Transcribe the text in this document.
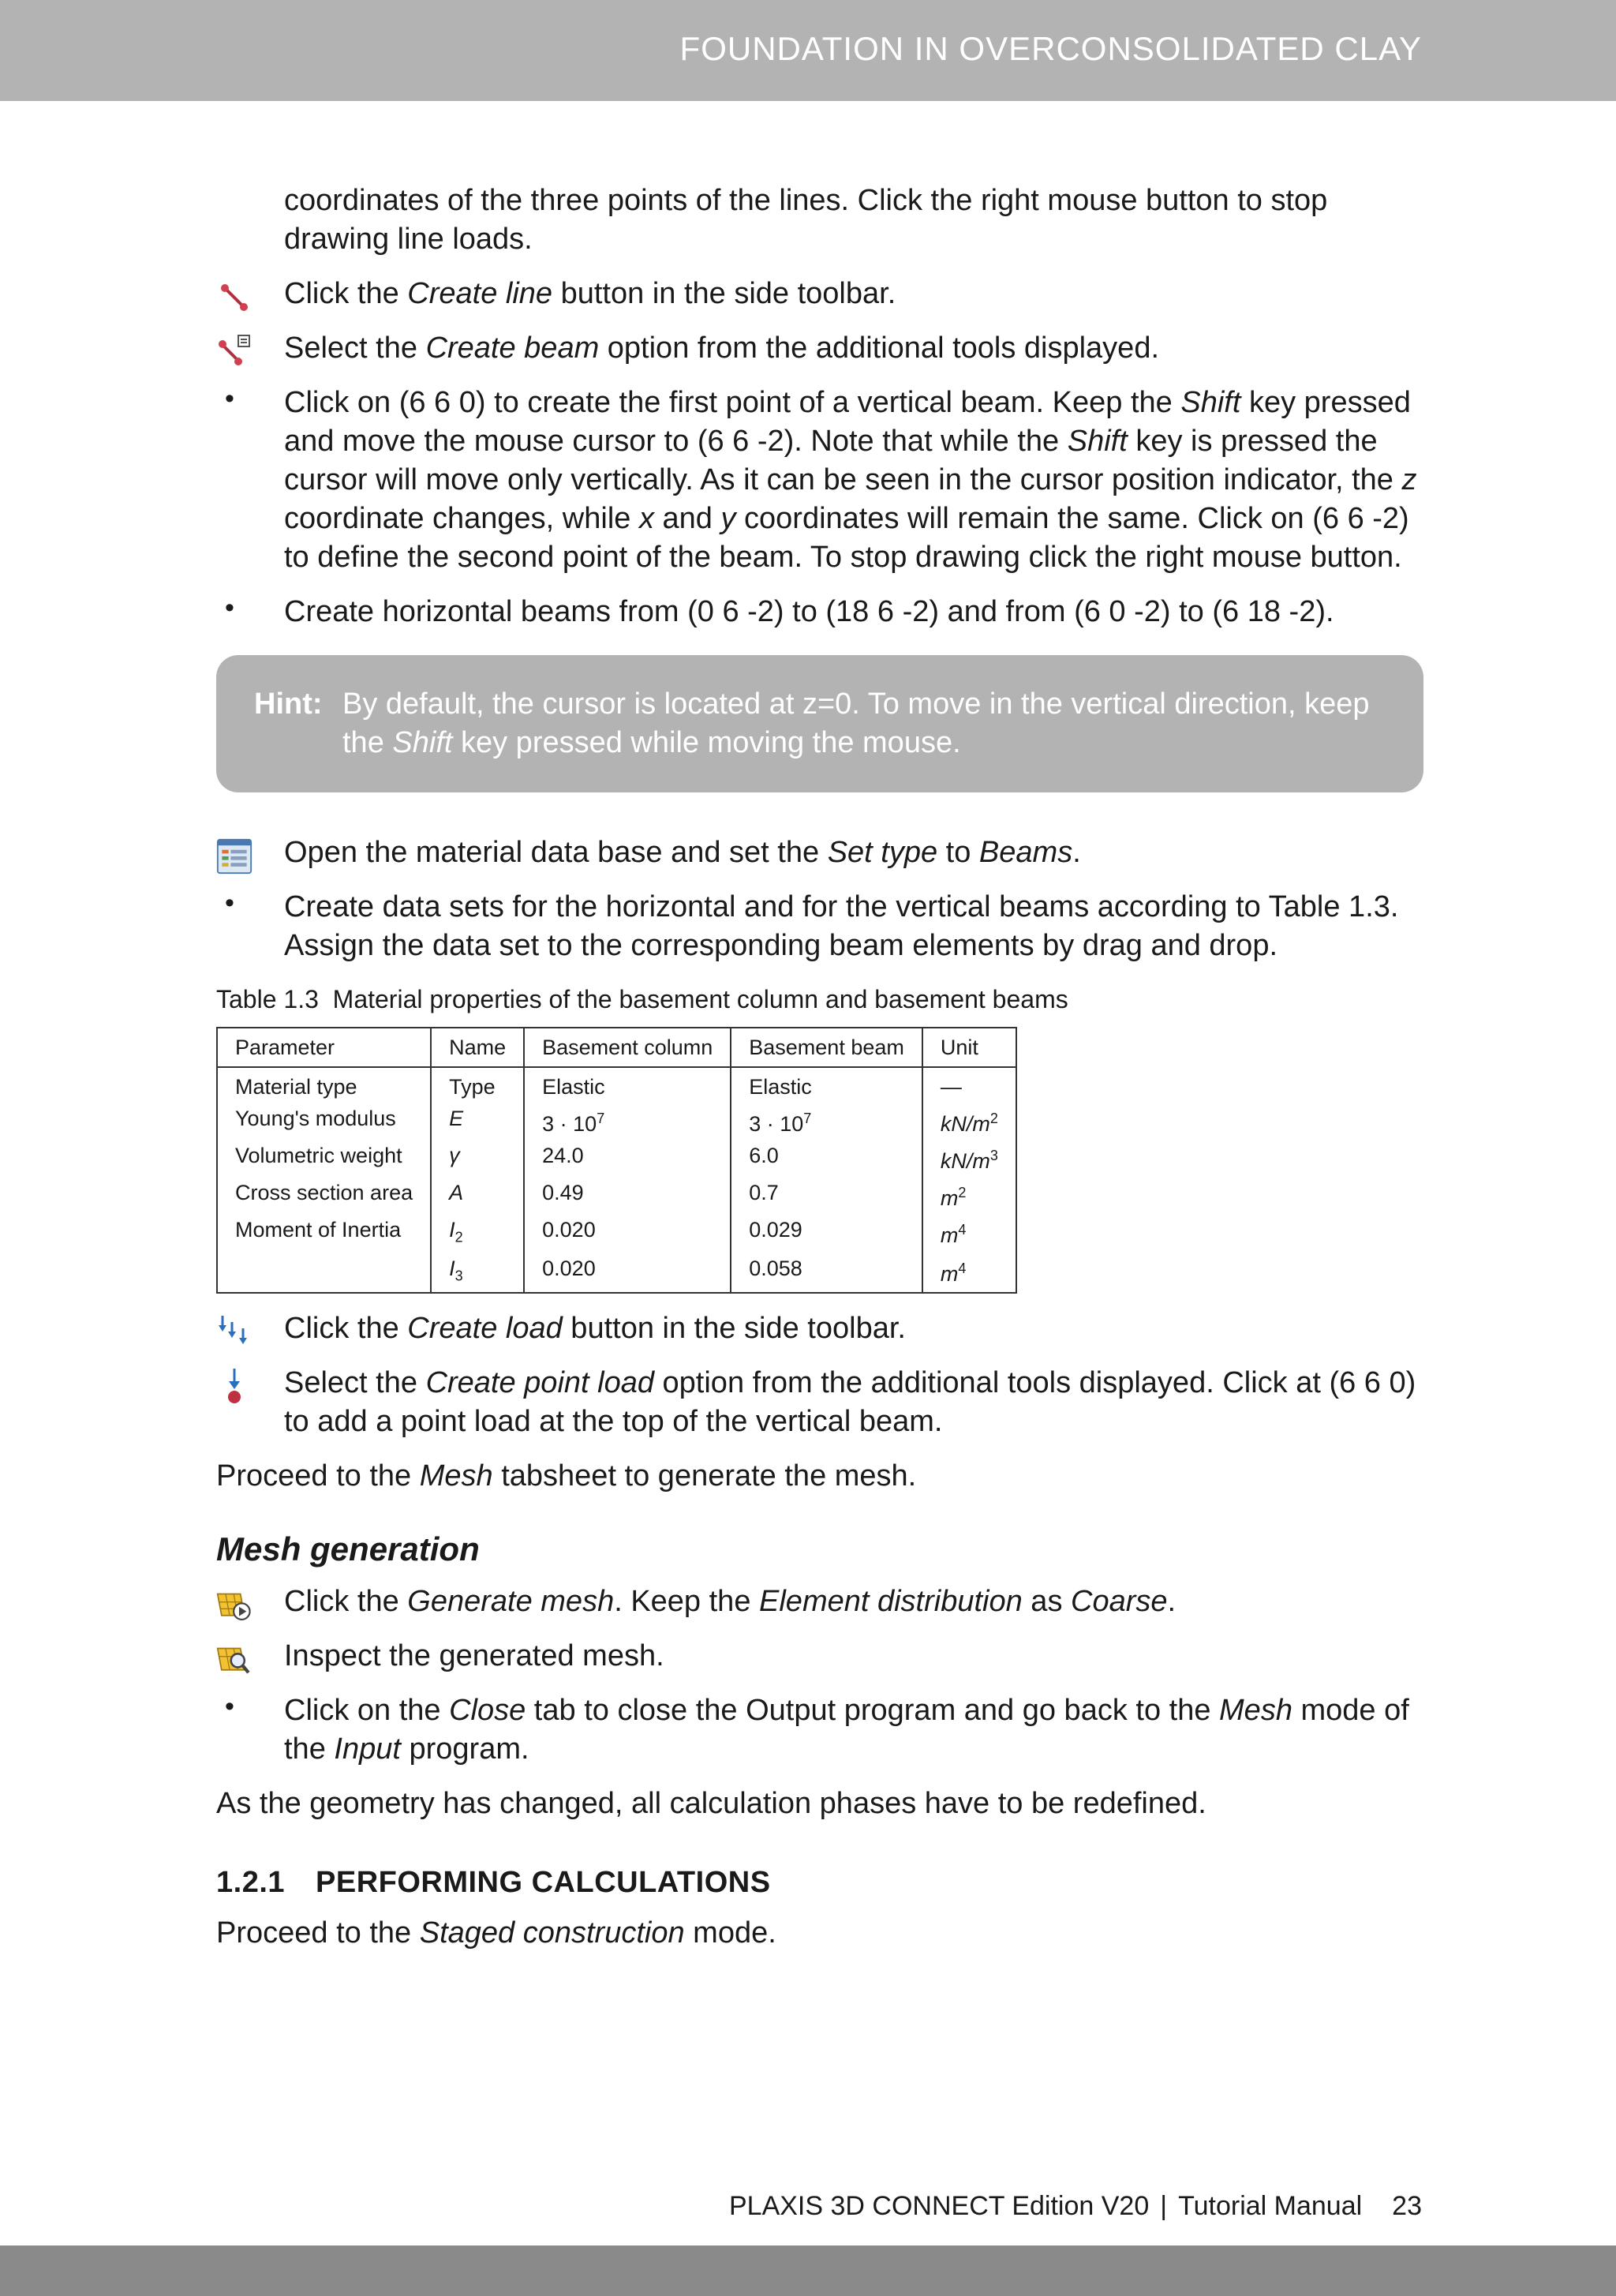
FOUNDATION IN OVERCONSOLIDATED CLAY

coordinates of the three points of the lines. Click the right mouse button to stop drawing line loads.

Click the Create line button in the side toolbar.

Select the Create beam option from the additional tools displayed.

•	Click on (6 6 0) to create the first point of a vertical beam. Keep the Shift key pressed and move the mouse cursor to (6 6 -2). Note that while the Shift key is pressed the cursor will move only vertically. As it can be seen in the cursor position indicator, the z coordinate changes, while x and y coordinates will remain the same. Click on (6 6 -2) to define the second point of the beam. To stop drawing click the right mouse button.

•	Create horizontal beams from (0 6 -2) to (18 6 -2) and from (6 0 -2) to (6 18 -2).

Hint: By default, the cursor is located at z=0. To move in the vertical direction, keep the Shift key pressed while moving the mouse.

Open the material data base and set the Set type to Beams.

•	Create data sets for the horizontal and for the vertical beams according to Table 1.3. Assign the data set to the corresponding beam elements by drag and drop.

Table 1.3 Material properties of the basement column and basement beams
Parameter	Name	Basement column	Basement beam	Unit
Material type	Type	Elastic	Elastic	—
Young's modulus	E	$3 \cdot 10^7$	$3 \cdot 10^7$	$kN/m^2$
Volumetric weight	γ	24.0	6.0	$kN/m^3$
Cross section area	A	0.49	0.7	$m^2$
Moment of Inertia	$I_2$	0.020	0.029	$m^4$
	$I_3$	0.020	0.058	$m^4$

Click the Create load button in the side toolbar.

Select the Create point load option from the additional tools displayed. Click at (6 6 0) to add a point load at the top of the vertical beam.

Proceed to the Mesh tabsheet to generate the mesh.

Mesh generation

Click the Generate mesh. Keep the Element distribution as Coarse.

Inspect the generated mesh.

•	Click on the Close tab to close the Output program and go back to the Mesh mode of the Input program.

As the geometry has changed, all calculation phases have to be redefined.

1.2.1 PERFORMING CALCULATIONS

Proceed to the Staged construction mode.

PLAXIS 3D CONNECT Edition V20 | Tutorial Manual 23
